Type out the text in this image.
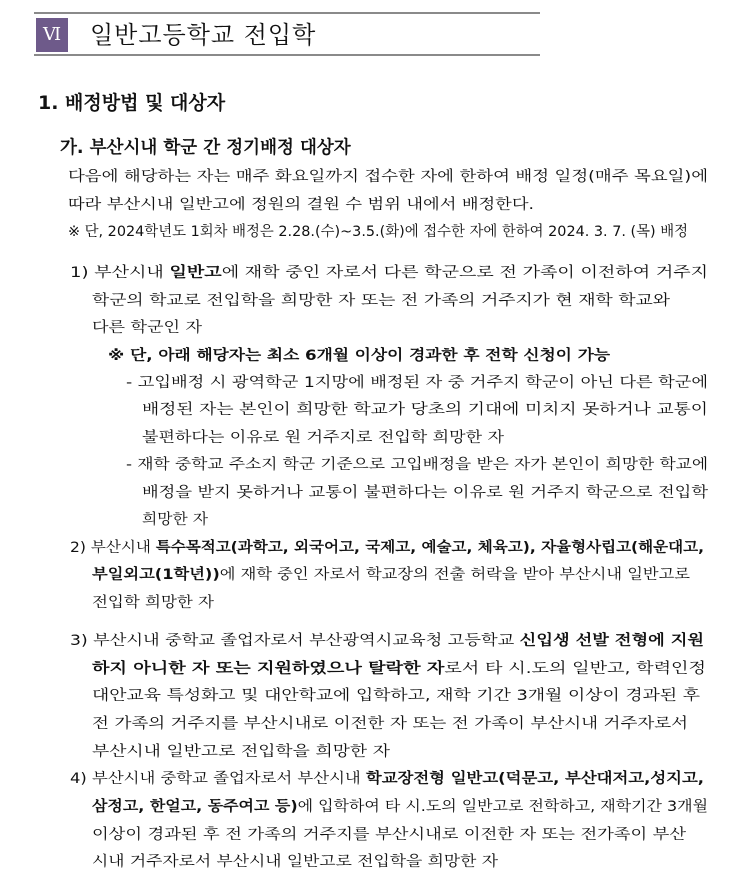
Ⅵ 일반고등학교 전입학
1. 배정방법 및 대상자
가. 부산시내 학군 간 정기배정 대상자
다음에 해당하는 자는 매주 화요일까지 접수한 자에 한하여 배정 일정(매주 목요일)에
따라 부산시내 일반고에 정원의 결원 수 범위 내에서 배정한다.
※ 단, 2024학년도 1회차 배정은 2.28.(수)~3.5.(화)에 접수한 자에 한하여 2024. 3. 7. (목) 배정
1) 부산시내 일반고에 재학 중인 자로서 다른 학군으로 전 가족이 이전하여 거주지
학군의 학교로 전입학을 희망한 자 또는 전 가족의 거주지가 현 재학 학교와
다른 학군인 자
※ 단, 아래 해당자는 최소 6개월 이상이 경과한 후 전학 신청이 가능
- 고입배정 시 광역학군 1지망에 배정된 자 중 거주지 학군이 아닌 다른 학군에
배정된 자는 본인이 희망한 학교가 당초의 기대에 미치지 못하거나 교통이
불편하다는 이유로 원 거주지로 전입학 희망한 자
- 재학 중학교 주소지 학군 기준으로 고입배정을 받은 자가 본인이 희망한 학교에
배정을 받지 못하거나 교통이 불편하다는 이유로 원 거주지 학군으로 전입학
희망한 자
2) 부산시내 특수목적고(과학고, 외국어고, 국제고, 예술고, 체육고), 자율형사립고(해운대고,
부일외고(1학년))에 재학 중인 자로서 학교장의 전출 허락을 받아 부산시내 일반고로
전입학 희망한 자
3) 부산시내 중학교 졸업자로서 부산광역시교육청 고등학교 신입생 선발 전형에 지원
하지 아니한 자 또는 지원하였으나 탈락한 자로서 타 시.도의 일반고, 학력인정
대안교육 특성화고 및 대안학교에 입학하고, 재학 기간 3개월 이상이 경과된 후
전 가족의 거주지를 부산시내로 이전한 자 또는 전 가족이 부산시내 거주자로서
부산시내 일반고로 전입학을 희망한 자
4) 부산시내 중학교 졸업자로서 부산시내 학교장전형 일반고(덕문고, 부산대저고,성지고,
삼정고, 한얼고, 동주여고 등)에 입학하여 타 시.도의 일반고로 전학하고, 재학기간 3개월
이상이 경과된 후 전 가족의 거주지를 부산시내로 이전한 자 또는 전가족이 부산
시내 거주자로서 부산시내 일반고로 전입학을 희망한 자
